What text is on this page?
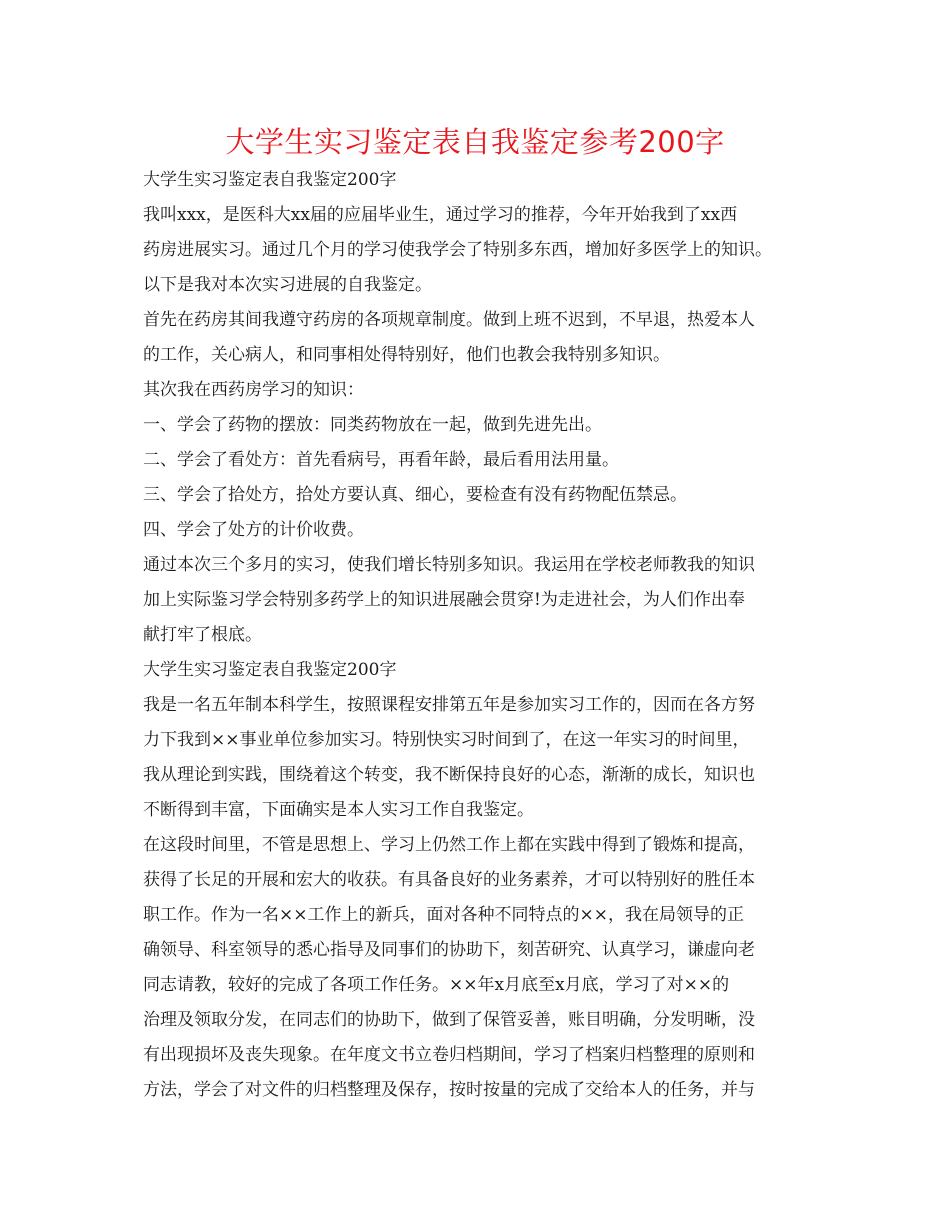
大学生实习鉴定表自我鉴定参考200字
大学生实习鉴定表自我鉴定200字
我叫xxx，是医科大xx届的应届毕业生，通过学习的推荐，今年开始我到了xx西
药房进展实习。通过几个月的学习使我学会了特别多东西，增加好多医学上的知识。
以下是我对本次实习进展的自我鉴定。
首先在药房其间我遵守药房的各项规章制度。做到上班不迟到，不早退，热爱本人
的工作，关心病人，和同事相处得特别好，他们也教会我特别多知识。
其次我在西药房学习的知识：
一、学会了药物的摆放：同类药物放在一起，做到先进先出。
二、学会了看处方：首先看病号，再看年龄，最后看用法用量。
三、学会了拾处方，拾处方要认真、细心，要检查有没有药物配伍禁忌。
四、学会了处方的计价收费。
通过本次三个多月的实习，使我们增长特别多知识。我运用在学校老师教我的知识
加上实际鉴习学会特别多药学上的知识进展融会贯穿!为走进社会，为人们作出奉
献打牢了根底。
大学生实习鉴定表自我鉴定200字
我是一名五年制本科学生，按照课程安排第五年是参加实习工作的，因而在各方努
力下我到××事业单位参加实习。特别快实习时间到了，在这一年实习的时间里，
我从理论到实践，围绕着这个转变，我不断保持良好的心态，渐渐的成长，知识也
不断得到丰富，下面确实是本人实习工作自我鉴定。
在这段时间里，不管是思想上、学习上仍然工作上都在实践中得到了锻炼和提高，
获得了长足的开展和宏大的收获。有具备良好的业务素养，才可以特别好的胜任本
职工作。作为一名××工作上的新兵，面对各种不同特点的××，我在局领导的正
确领导、科室领导的悉心指导及同事们的协助下，刻苦研究、认真学习，谦虚向老
同志请教，较好的完成了各项工作任务。××年x月底至x月底，学习了对××的
治理及领取分发，在同志们的协助下，做到了保管妥善，账目明确，分发明晰，没
有出现损坏及丧失现象。在年度文书立卷归档期间，学习了档案归档整理的原则和
方法，学会了对文件的归档整理及保存，按时按量的完成了交给本人的任务，并与
